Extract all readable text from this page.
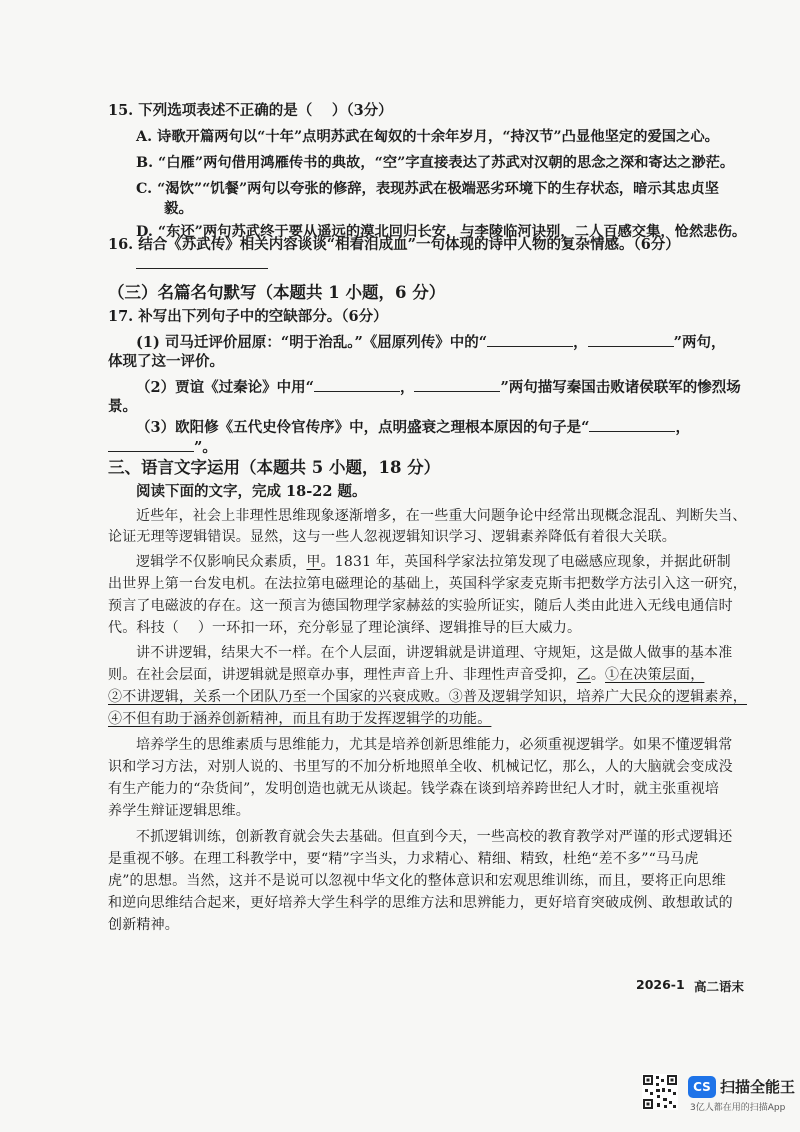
15. 下列选项表述不正确的是（　 ）（3分）
A. 诗歌开篇两句以“十年”点明苏武在匈奴的十余年岁月，“持汉节”凸显他坚定的爱国之心。
B. “白雁”两句借用鸿雁传书的典故，“空”字直接表达了苏武对汉朝的思念之深和寄达之渺茫。
C. “渴饮”“饥餐”两句以夸张的修辞，表现苏武在极端恶劣环境下的生存状态，暗示其忠贞坚
毅。
D. “东还”两句苏武终于要从遥远的漠北回归长安，与李陵临河诀别，二人百感交集，怆然悲伤。
16. 结合《苏武传》相关内容谈谈“相看泪成血”一句体现的诗中人物的复杂情感。（6分）
（三）名篇名句默写（本题共 1 小题，6 分）
17. 补写出下列句子中的空缺部分。（6分）
(1) 司马迁评价屈原：“明于治乱。”《屈原列传》中的“	，	”两句，
体现了这一评价。
（2）贾谊《过秦论》中用“	，	”两句描写秦国击败诸侯联军的惨烈场
景。
（3）欧阳修《五代史伶官传序》中，点明盛衰之理根本原因的句子是“	，
”。
三、语言文字运用（本题共 5 小题，18 分）
阅读下面的文字，完成 18-22 题。
近些年，社会上非理性思维现象逐渐增多，在一些重大问题争论中经常出现概念混乱、判断失当、
论证无理等逻辑错误。显然，这与一些人忽视逻辑知识学习、逻辑素养降低有着很大关联。
逻辑学不仅影响民众素质，甲。1831 年，英国科学家法拉第发现了电磁感应现象，并据此研制
出世界上第一台发电机。在法拉第电磁理论的基础上，英国科学家麦克斯韦把数学方法引入这一研究，
预言了电磁波的存在。这一预言为德国物理学家赫兹的实验所证实，随后人类由此进入无线电通信时
代。科技（　 ）一环扣一环，充分彰显了理论演绎、逻辑推导的巨大威力。
讲不讲逻辑，结果大不一样。在个人层面，讲逻辑就是讲道理、守规矩，这是做人做事的基本准
则。在社会层面，讲逻辑就是照章办事，理性声音上升、非理性声音受抑，乙。①在决策层面，
②不讲逻辑，关系一个团队乃至一个国家的兴衰成败。③普及逻辑学知识，培养广大民众的逻辑素养，
④不但有助于涵养创新精神，而且有助于发挥逻辑学的功能。
培养学生的思维素质与思维能力，尤其是培养创新思维能力，必须重视逻辑学。如果不懂逻辑常
识和学习方法，对别人说的、书里写的不加分析地照单全收、机械记忆，那么，人的大脑就会变成没
有生产能力的“杂货间”，发明创造也就无从谈起。钱学森在谈到培养跨世纪人才时，就主张重视培
养学生辩证逻辑思维。
不抓逻辑训练，创新教育就会失去基础。但直到今天，一些高校的教育教学对严谨的形式逻辑还
是重视不够。在理工科教学中，要“精”字当头，力求精心、精细、精致，杜绝“差不多”“马马虎
虎”的思想。当然，这并不是说可以忽视中华文化的整体意识和宏观思维训练，而且，要将正向思维
和逆向思维结合起来，更好培养大学生科学的思维方法和思辨能力，更好培育突破成例、敢想敢试的
创新精神。
2026-1 高二语末
CS 扫描全能王
3亿人都在用的扫描App
